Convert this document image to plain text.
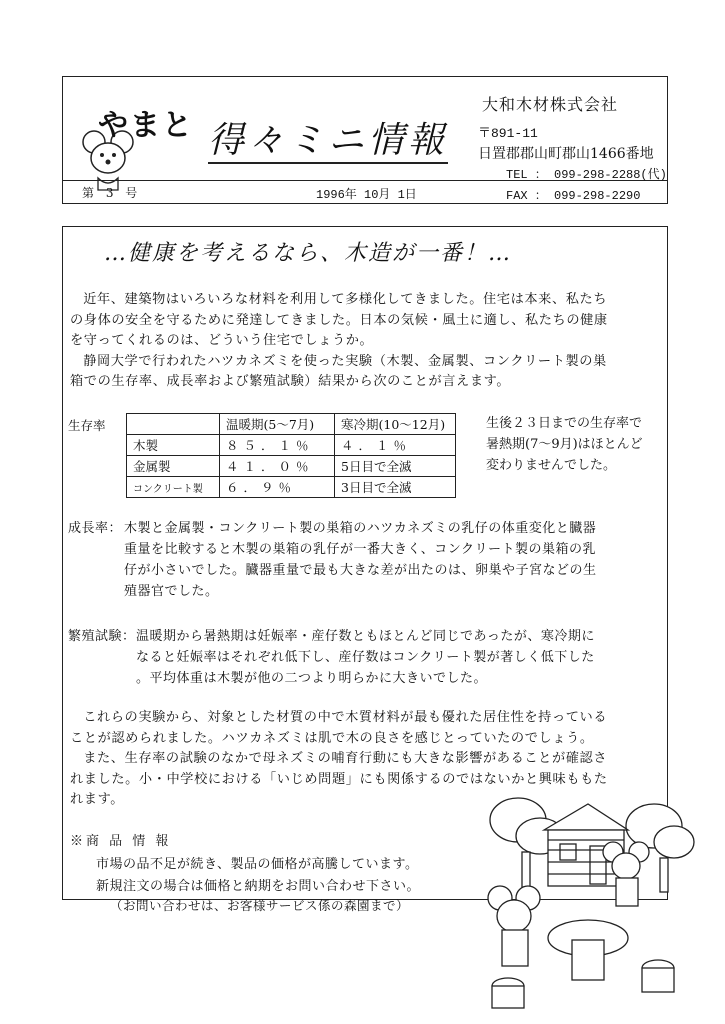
やまと 得々ミニ情報
大和木材株式会社
〒891-11
日置郡郡山町郡山1466番地
TEL ： 099-298-2288(代)
FAX ： 099-298-2290
第 3 号	1996年 10月 1日
…健康を考えるなら、木造が一番！…
近年、建築物はいろいろな材料を利用して多様化してきました。住宅は本来、私たち
の身体の安全を守るために発達してきました。日本の気候・風土に適し、私たちの健康
を守ってくれるのは、どういう住宅でしょうか。
静岡大学で行われたハツカネズミを使った実験（木製、金属製、コンクリート製の巣
箱での生存率、成長率および繁殖試験）結果から次のことが言えます。
生存率
		温暖期(5〜7月)	寒冷期(10〜12月)
木製	８５．１％	４．１％
金属製	４１．０％	5日目で全滅
コンクリート製	６．９％	3日目で全滅
生後２３日までの生存率で
暑熱期(7〜9月)はほとんど
変わりませんでした。
成長率： 木製と金属製・コンクリート製の巣箱のハツカネズミの乳仔の体重変化と臓器
重量を比較すると木製の巣箱の乳仔が一番大きく、コンクリート製の巣箱の乳
仔が小さいでした。臓器重量で最も大きな差が出たのは、卵巣や子宮などの生
殖器官でした。
繁殖試験： 温暖期から暑熱期は妊娠率・産仔数ともほとんど同じであったが、寒冷期に
なると妊娠率はそれぞれ低下し、産仔数はコンクリート製が著しく低下した
。平均体重は木製が他の二つより明らかに大きいでした。
これらの実験から、対象とした材質の中で木質材料が最も優れた居住性を持っている
ことが認められました。ハツカネズミは肌で木の良さを感じとっていたのでしょう。
また、生存率の試験のなかで母ネズミの哺育行動にも大きな影響があることが確認さ
れました。小・中学校における「いじめ問題」にも関係するのではないかと興味ももた
れます。
※商 品 情 報
市場の品不足が続き、製品の価格が高騰しています。
新規注文の場合は価格と納期をお問い合わせ下さい。
（お問い合わせは、お客様サービス係の森園まで）
